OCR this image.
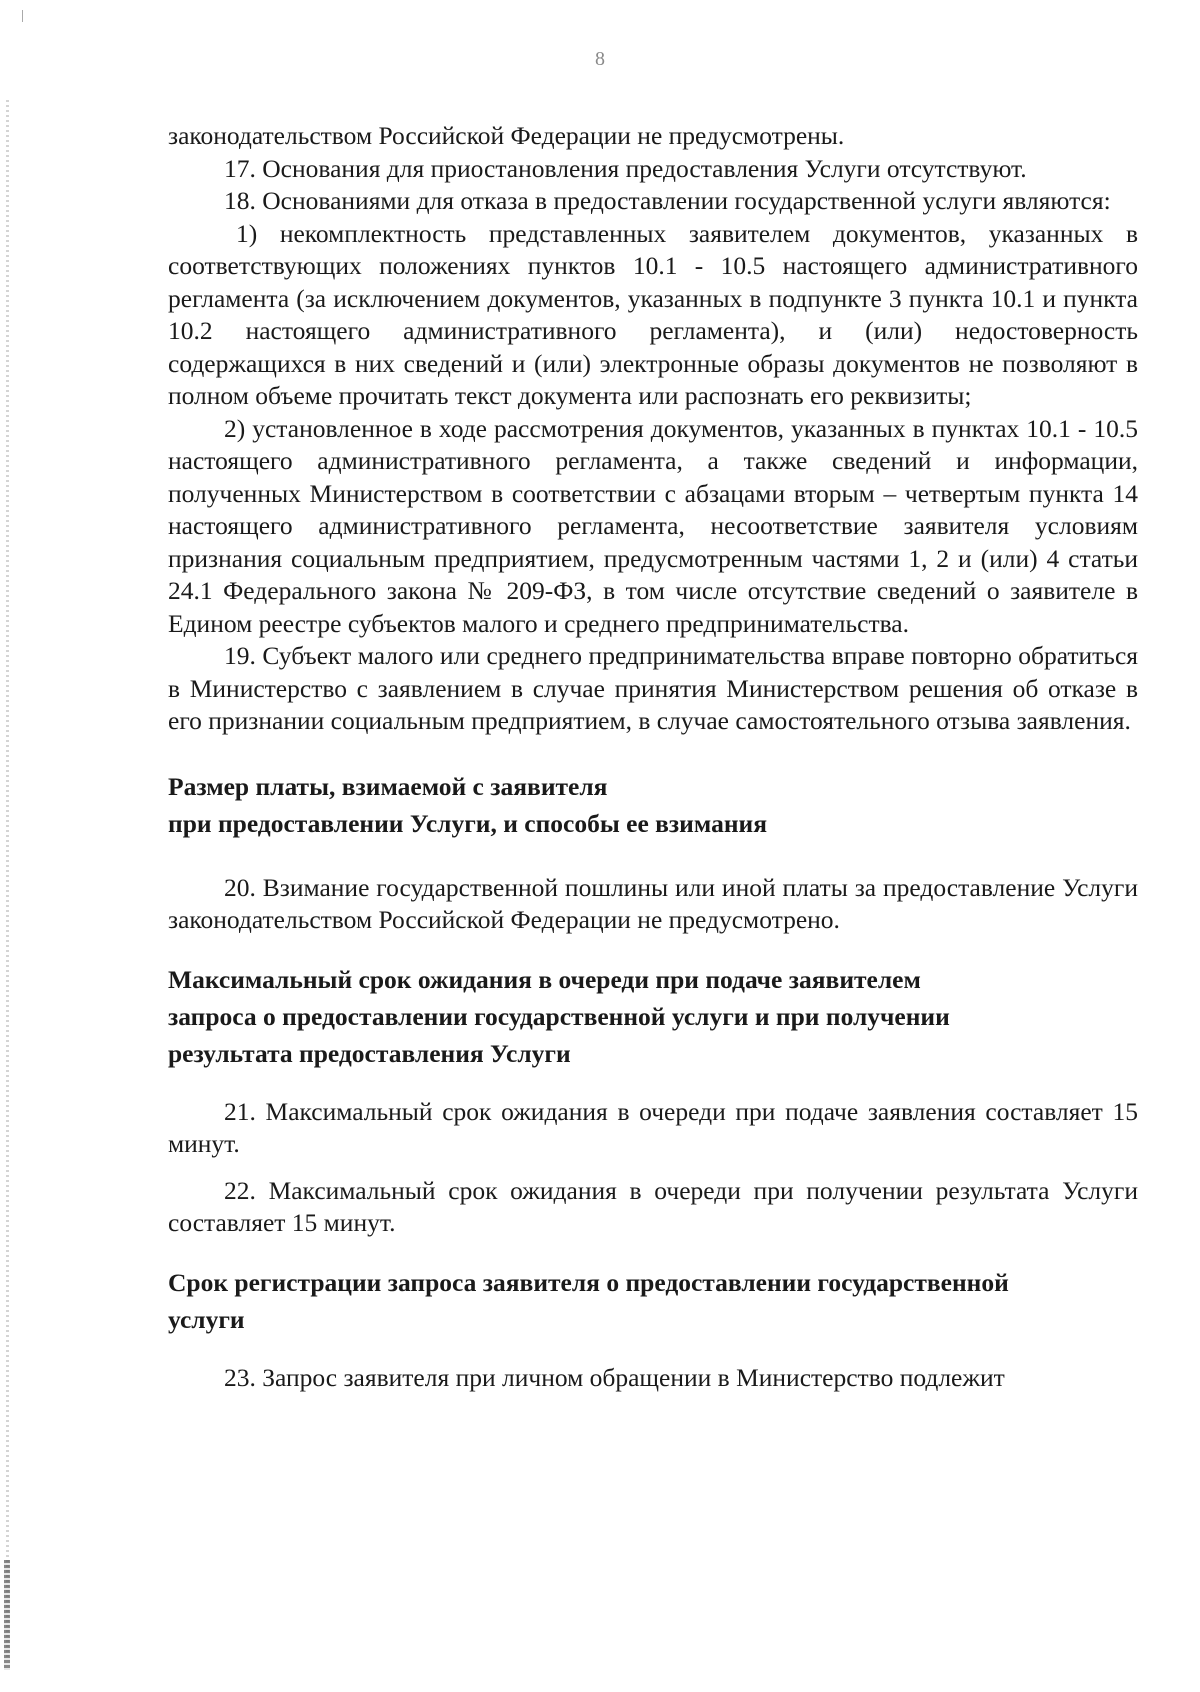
8

законодательством Российской Федерации не предусмотрены.

17. Основания для приостановления предоставления Услуги отсутствуют.

18. Основаниями для отказа в предоставлении государственной услуги являются:

1) некомплектность представленных заявителем документов, указанных в соответствующих положениях пунктов 10.1 - 10.5 настоящего административного регламента (за исключением документов, указанных в подпункте 3 пункта 10.1 и пункта 10.2 настоящего административного регламента), и (или) недостоверность содержащихся в них сведений и (или) электронные образы документов не позволяют в полном объеме прочитать текст документа или распознать его реквизиты;

2) установленное в ходе рассмотрения документов, указанных в пунктах 10.1 - 10.5 настоящего административного регламента, а также сведений и информации, полученных Министерством в соответствии с абзацами вторым – четвертым пункта 14 настоящего административного регламента, несоответствие заявителя условиям признания социальным предприятием, предусмотренным частями 1, 2 и (или) 4 статьи 24.1 Федерального закона № 209-ФЗ, в том числе отсутствие сведений о заявителе в Едином реестре субъектов малого и среднего предпринимательства.

19. Субъект малого или среднего предпринимательства вправе повторно обратиться в Министерство с заявлением в случае принятия Министерством решения об отказе в его признании социальным предприятием, в случае самостоятельного отзыва заявления.

Размер платы, взимаемой с заявителя

при предоставлении Услуги, и способы ее взимания

20. Взимание государственной пошлины или иной платы за предоставление Услуги законодательством Российской Федерации не предусмотрено.

Максимальный срок ожидания в очереди при подаче заявителем

запроса о предоставлении государственной услуги и при получении

результата предоставления Услуги

21. Максимальный срок ожидания в очереди при подаче заявления составляет 15 минут.

22. Максимальный срок ожидания в очереди при получении результата Услуги составляет 15 минут.

Срок регистрации запроса заявителя о предоставлении государственной

услуги

23. Запрос заявителя при личном обращении в Министерство подлежит
